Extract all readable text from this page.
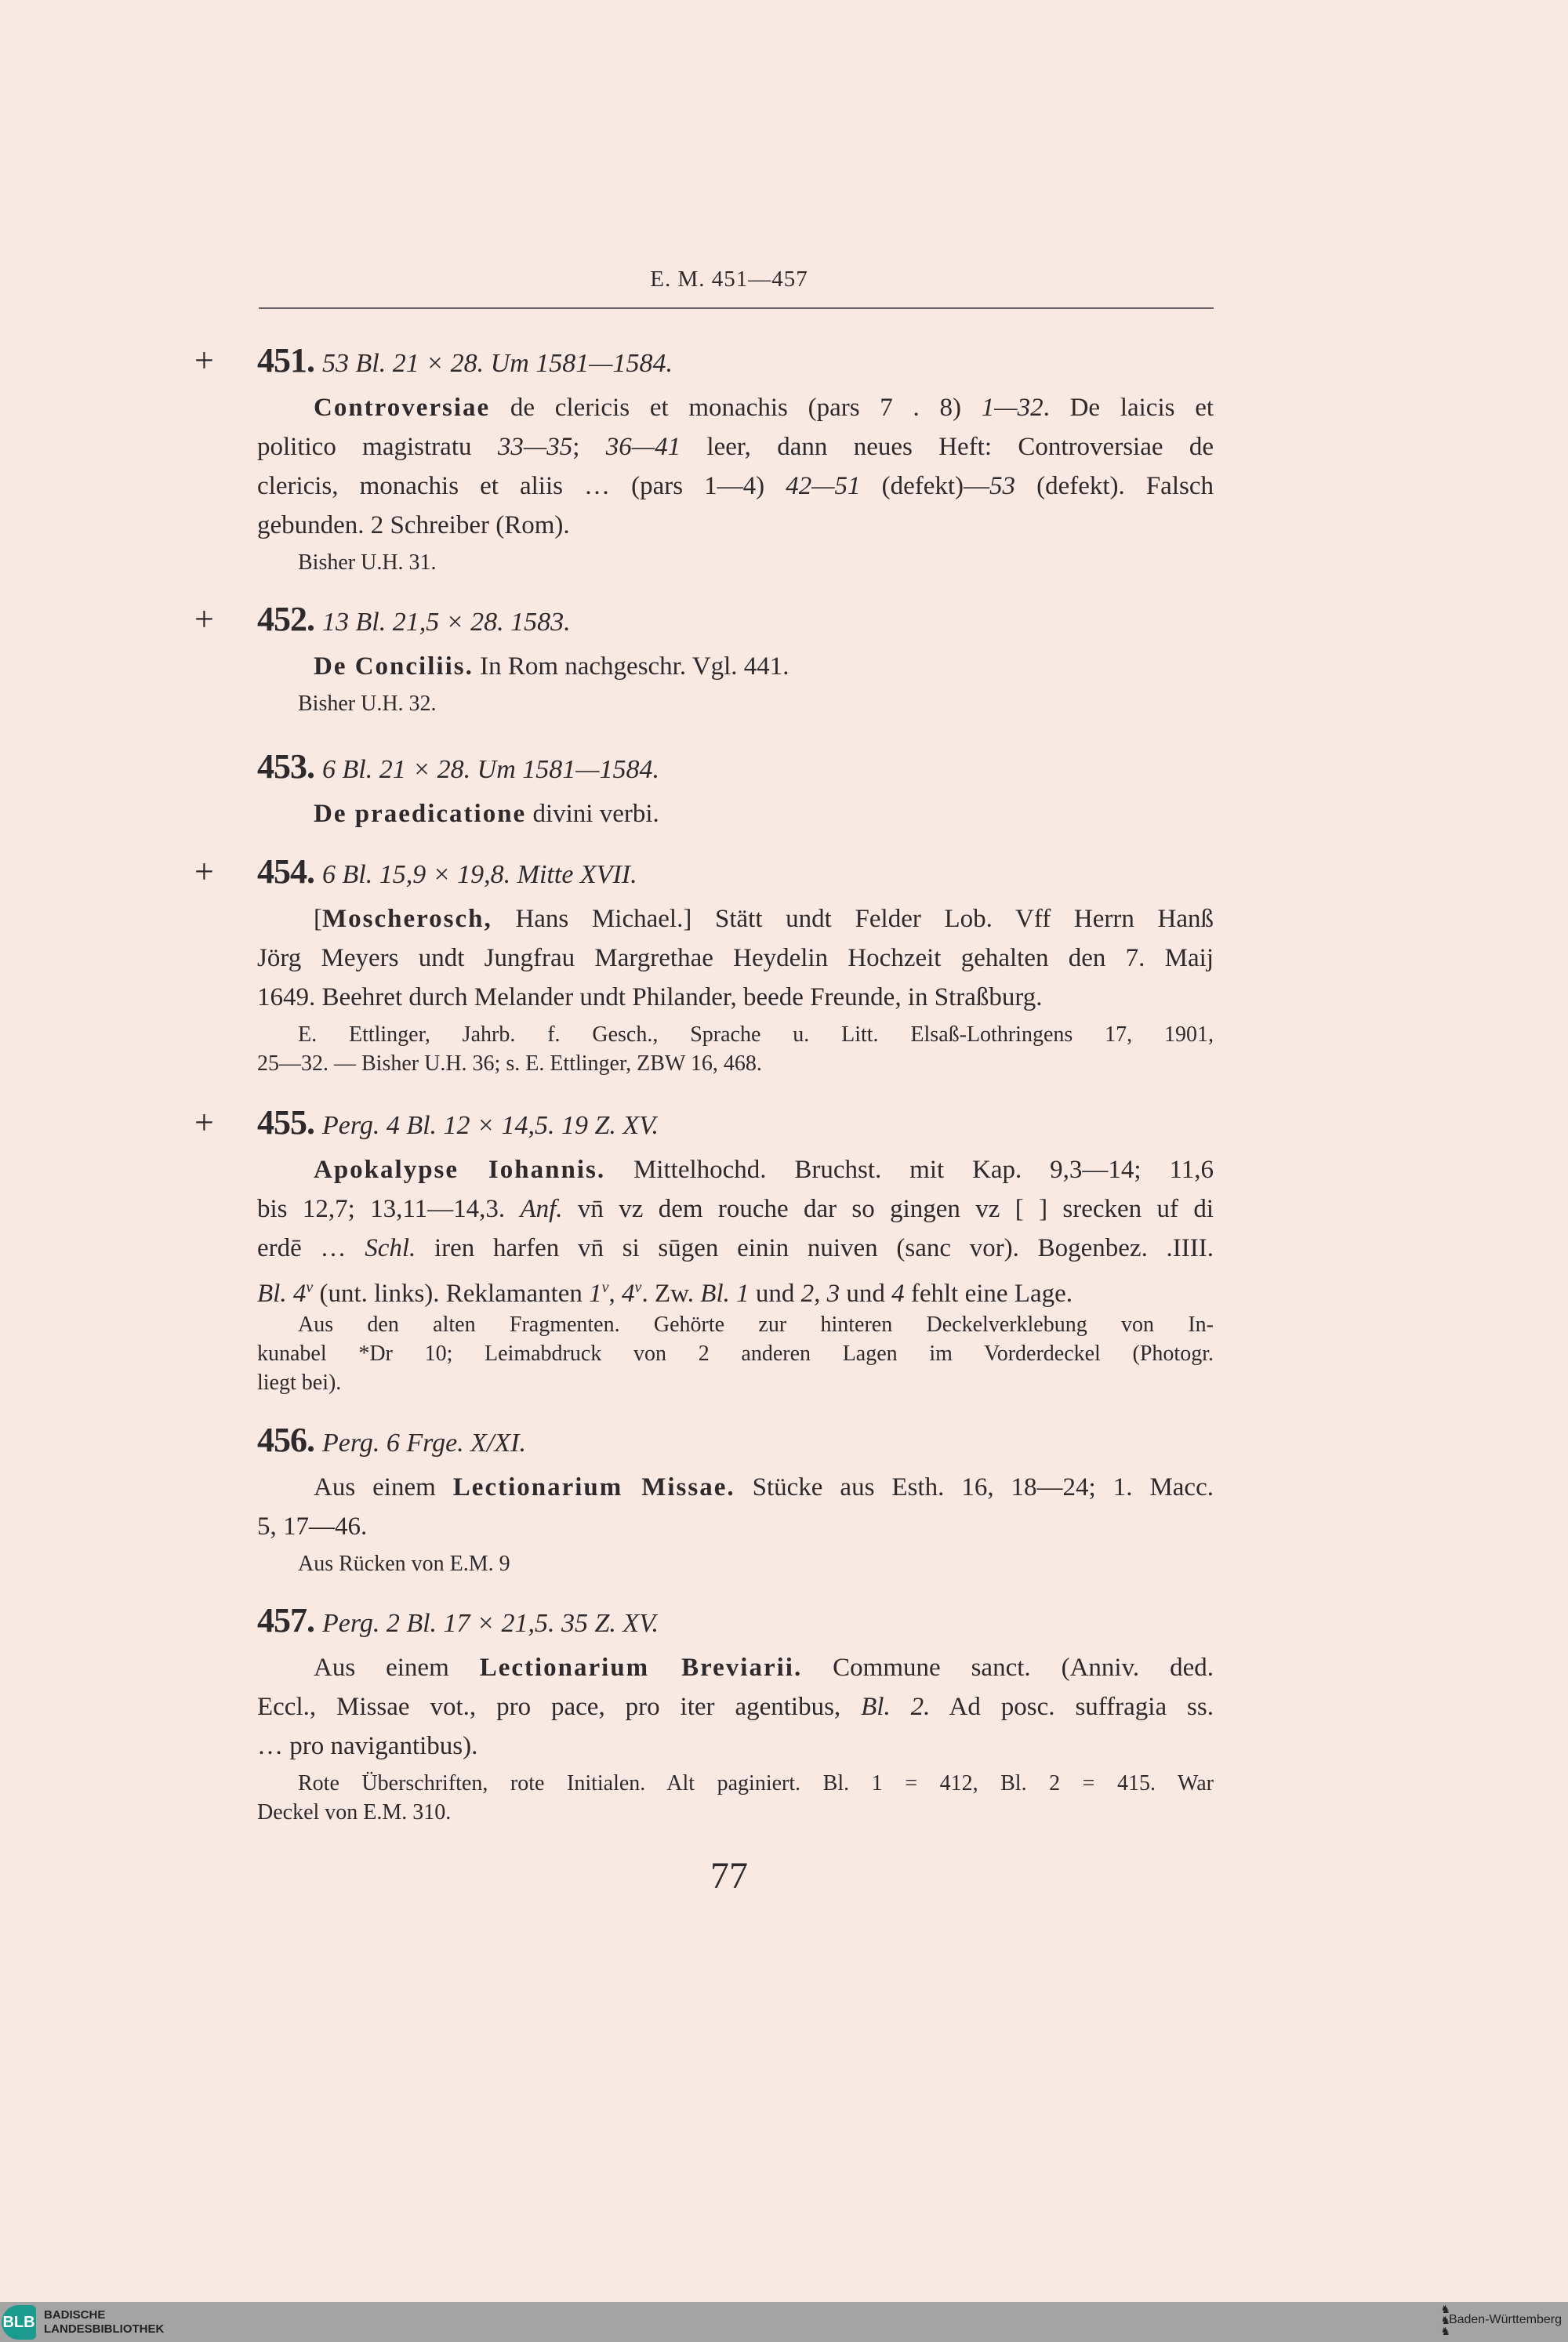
E. M. 451—457
+ 451. 53 Bl. 21 × 28. Um 1581—1584.
Controversiae de clericis et monachis (pars 7 . 8) 1—32. De laicis et
politico magistratu 33—35; 36—41 leer, dann neues Heft: Controversiae de
clericis, monachis et aliis … (pars 1—4) 42—51 (defekt)—53 (defekt). Falsch
gebunden. 2 Schreiber (Rom).
Bisher U.H. 31.
+ 452. 13 Bl. 21,5 × 28. 1583.
De Conciliis. In Rom nachgeschr. Vgl. 441.
Bisher U.H. 32.
453. 6 Bl. 21 × 28. Um 1581—1584.
De praedicatione divini verbi.
+ 454. 6 Bl. 15,9 × 19,8. Mitte XVII.
[Moscherosch, Hans Michael.] Stätt undt Felder Lob. Vff Herrn Hanß
Jörg Meyers undt Jungfrau Margrethae Heydelin Hochzeit gehalten den 7. Maij
1649. Beehret durch Melander undt Philander, beede Freunde, in Straßburg.
E. Ettlinger, Jahrb. f. Gesch., Sprache u. Litt. Elsaß-Lothringens 17, 1901,
25—32. — Bisher U.H. 36; s. E. Ettlinger, ZBW 16, 468.
+ 455. Perg. 4 Bl. 12 × 14,5. 19 Z. XV.
Apokalypse Iohannis. Mittelhochd. Bruchst. mit Kap. 9,3—14; 11,6
bis 12,7; 13,11—14,3. Anf. vn̄ vz dem rouche dar so gingen vz [ ] srecken uf di
erdē … Schl. iren harfen vn̄ si sūgen einin nuiven (sanc vor). Bogenbez. .IIII.
Bl. 4$^v$ (unt. links). Reklamanten 1$^v$, 4$^v$. Zw. Bl. 1 und 2, 3 und 4 fehlt eine Lage.
Aus den alten Fragmenten. Gehörte zur hinteren Deckelverklebung von In-
kunabel *Dr 10; Leimabdruck von 2 anderen Lagen im Vorderdeckel (Photogr.
liegt bei).
456. Perg. 6 Frge. X/XI.
Aus einem Lectionarium Missae. Stücke aus Esth. 16, 18—24; 1. Macc.
5, 17—46.
Aus Rücken von E.M. 9
457. Perg. 2 Bl. 17 × 21,5. 35 Z. XV.
Aus einem Lectionarium Breviarii. Commune sanct. (Anniv. ded.
Eccl., Missae vot., pro pace, pro iter agentibus, Bl. 2. Ad posc. suffragia ss.
… pro navigantibus).
Rote Überschriften, rote Initialen. Alt paginiert. Bl. 1 = 412, Bl. 2 = 415. War
Deckel von E.M. 310.
77
BLB BADISCHE
LANDESBIBLIOTHEK
♞
♞
♞
Baden-Württemberg
